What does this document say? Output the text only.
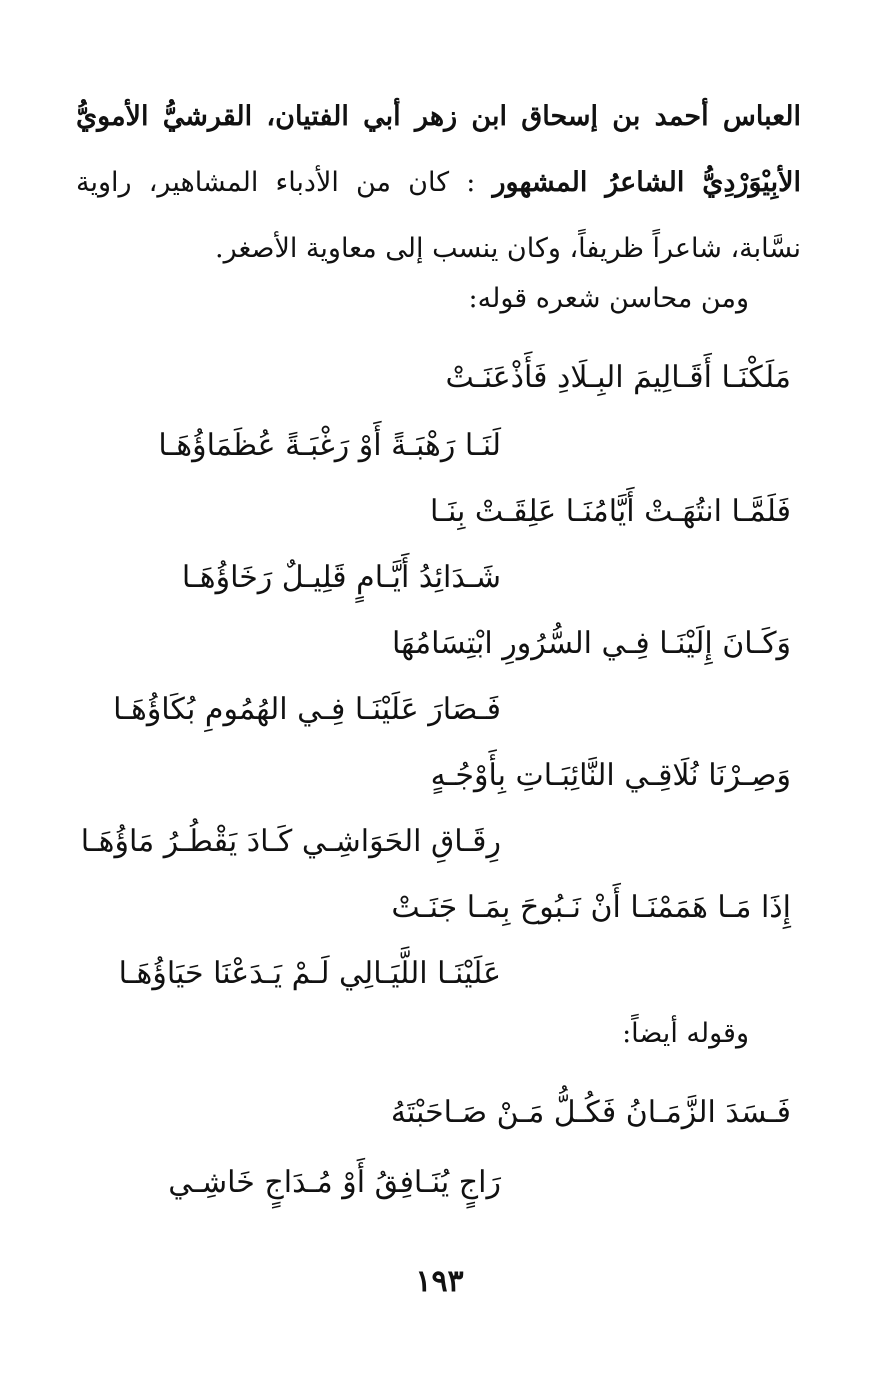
العباس أحمد بن إسحاق ابن زهر أبي الفتيان، القرشيُّ الأمويُّ الأبِيْوَرْدِيُّ الشاعرُ المشهور : كان من الأدباء المشاهير، راوية نسَّابة، شاعراً ظريفاً، وكان ينسب إلى معاوية الأصغر.
ومن محاسن شعره قوله:
مَلَكْنَـا أَقَـالِيمَ البِـلَادِ فَأَذْعَنَـتْ
لَنَـا رَهْبَـةً أَوْ رَغْبَـةً عُظَمَاؤُهَـا
فَلَمَّـا انتُهَـتْ أَيَّامُنَـا عَلِقَـتْ بِنَـا
شَـدَائِدُ أَيَّـامٍ قَلِيـلٌ رَخَاؤُهَـا
وَكَـانَ إِلَيْنَـا فِـي السُّرُورِ ابْتِسَامُهَا
فَـصَارَ عَلَيْنَـا فِـي الهُمُومِ بُكَاؤُهَـا
وَصِـرْنَا نُلَاقِـي النَّائِبَـاتِ بِأَوْجُـهٍ
رِقَـاقِ الحَوَاشِـي كَـادَ يَقْطُـرُ مَاؤُهَـا
إِذَا مَـا هَمَمْنَـا أَنْ نَـبُوحَ بِمَـا جَنَـتْ
عَلَيْنَـا اللَّيَـالِي لَـمْ يَـدَعْنَا حَيَاؤُهَـا
وقوله أيضاً:
فَـسَدَ الزَّمَـانُ فَكُـلُّ مَـنْ صَـاحَبْتَهُ
رَاجٍ يُنَـافِقُ أَوْ مُـدَاجٍ خَاشِـي
١٩٣
